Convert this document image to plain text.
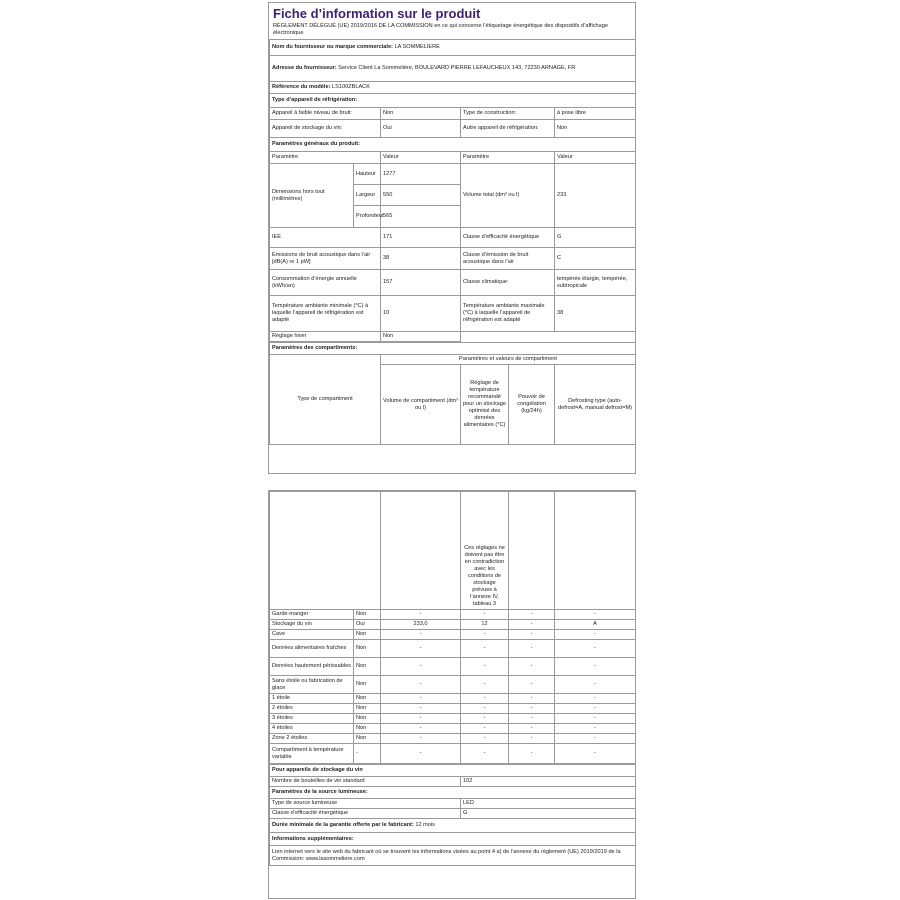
Fiche d’information sur le produit
RÈGLEMENT DÉLÉGUÉ (UE) 2019/2016 DE LA COMMISSION en ce qui concerne l’étiquetage énergétique des dispositifs d’affichage électronique
Nom du fournisseur ou marque commerciale: LA SOMMELIERE				
Adresse du fournisseur: Service Client La Sommelière, BOULEVARD PIERRE LEFAUCHEUX 143, 72230 ARNAGE, FR				
Référence du modèle: LS100ZBLACK				
Type d’appareil de réfrigération:				
Appareil à faible niveau de bruit:		Non	Type de construction:	à pose libre
Appareil de stockage du vin:		Oui	Autre appareil de réfrigération:	Non
Paramètres généraux du produit:				
Paramètre		Valeur	Paramètre	Valeur
Dimensions hors tout (millimètres)	Hauteur	1277	Volume total (dm³ ou l)	233
	Largeur	550		
	Profondeur	565		
IEE		171	Classe d’efficacité énergétique	G
Émissions de bruit acoustique dans l’air [dB(A) re 1 pW]		38	Classe d’émission de bruit acoustique dans l’air	C
Consommation d’énergie annuelle (kWh/an)		157	Classe climatique:	tempérée élargie, tempérée, subtropicale
Température ambiante minimale (°C) à laquelle l’appareil de réfrigération est adapté		10	Température ambiante maximale (°C) à laquelle l’appareil de réfrigération est adapté	38
Réglage hiver		Non		
Paramètres des compartiments:				
Type de compartiment	Paramètres et valeurs de compartiment			
	Volume de compartiment (dm³ ou l)	Réglage de température recommandé pour un stockage optimisé des denrées alimentaires (°C)	Pouvoir de congélation (kg/24h)	Defrosting type (auto-defrost=A, manual defrost=M)
			Ces réglages ne doivent pas être en contradiction avec les conditions de stockage prévues à l’annexe IV, tableau 3		
Garde-manger	Non	-	-	-	-
Stockage du vin	Oui	233,0	12	-	A
Cave	Non	-	-	-	-
Denrées alimentaires fraîches	Non	-	-	-	-
Denrées hautement périssables	Non	-	-	-	-
Sans étoile ou fabrication de glace	Non	-	-	-	-
1 étoile	Non	-	-	-	-
2 étoiles	Non	-	-	-	-
3 étoiles	Non	-	-	-	-
4 étoiles	Non	-	-	-	-
Zone 2 étoiles	Non	-	-	-	-
Compartiment à température variable	-	-	-	-	-
Pour appareils de stockage du vin	
Nombre de bouteilles de vin standard	102
Paramètres de la source lumineuse:	
Type de source lumineuse	LED
Classe d’efficacité énergétique	G
Durée minimale de la garantie offerte par le fabricant: 12 mois	
Informations supplémentaires:	
Lien internet vers le site web du fabricant où se trouvent les informations visées au point 4 a) de l’annexe du règlement (UE) 2019/2019 de la Commission: www.lasommeliere.com	
